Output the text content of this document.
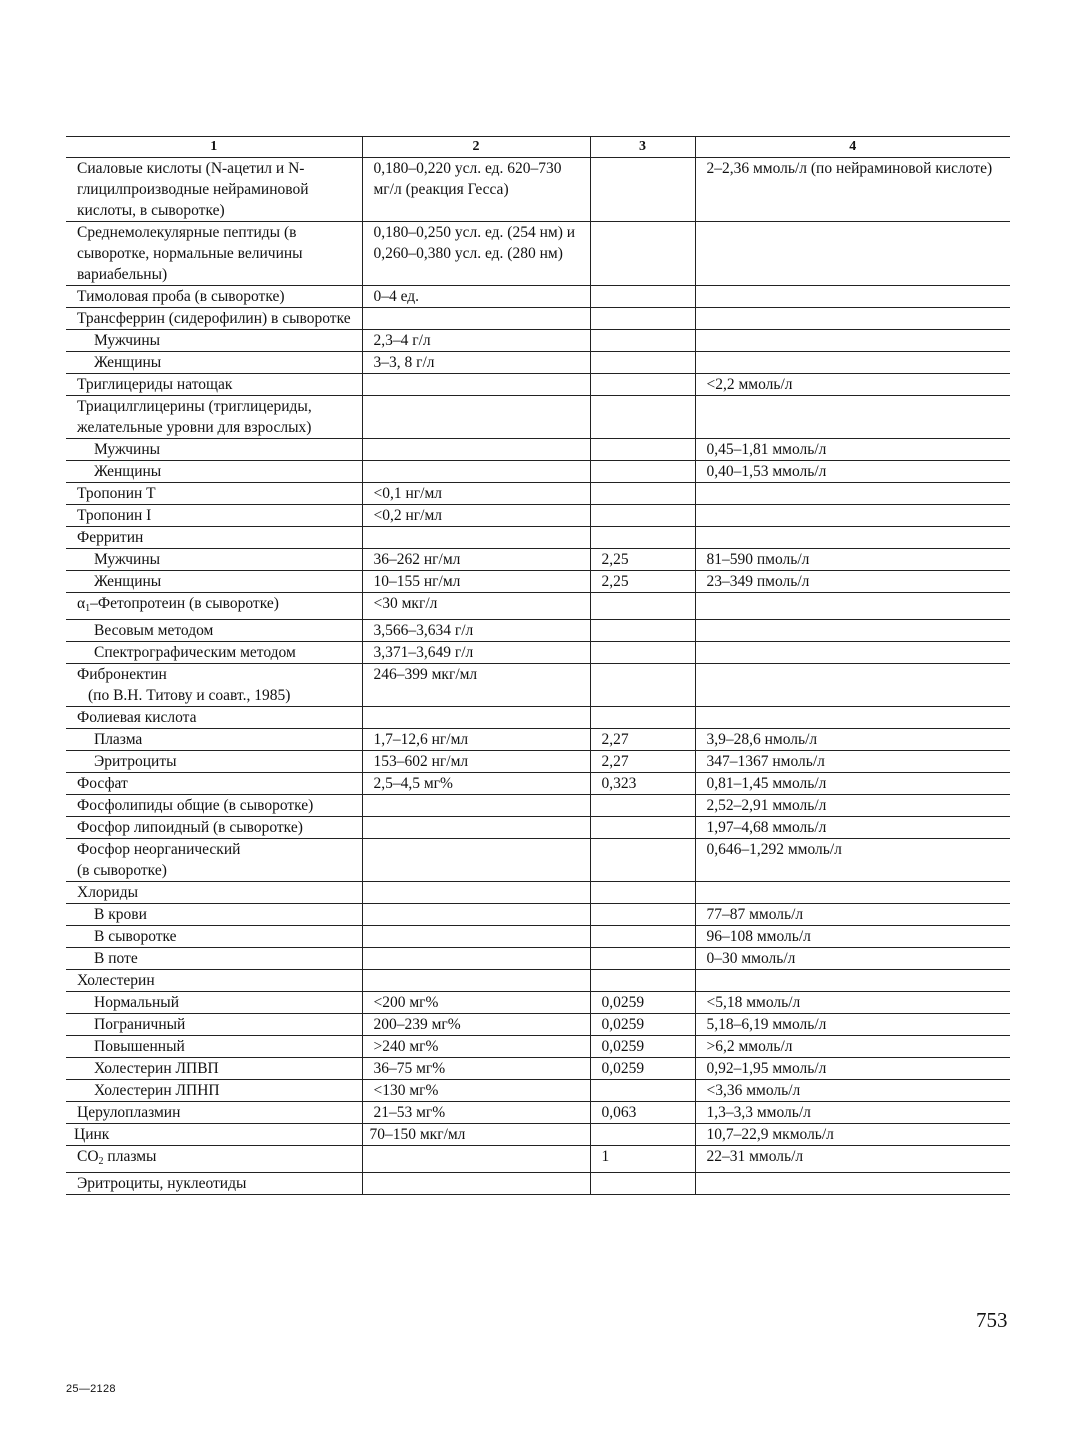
1	2	3	4
Сиаловые кислоты (N-ацетил и N-глицилпроизводные нейраминовой кислоты, в сыворотке)	0,180–0,220 усл. ед. 620–730 мг/л (реакция Гесса)		2–2,36 ммоль/л (по нейраминовой кислоте)
Среднемолекулярные пептиды (в сыворотке, нормальные величины вариабельны)	0,180–0,250 усл. ед. (254 нм) и 0,260–0,380 усл. ед. (280 нм)		
Тимоловая проба (в сыворотке)	0–4 ед.		
Трансферрин (сидерофилин) в сыворотке			
Мужчины	2,3–4 г/л		
Женщины	3–3, 8 г/л		
Триглицериды натощак			<2,2 ммоль/л
Триацилглицерины (триглицериды, желательные уровни для взрослых)			
Мужчины			0,45–1,81 ммоль/л
Женщины			0,40–1,53 ммоль/л
Тропонин T	<0,1 нг/мл		
Тропонин I	<0,2 нг/мл		
Ферритин			
Мужчины	36–262 нг/мл	2,25	81–590 пмоль/л
Женщины	10–155 нг/мл	2,25	23–349 пмоль/л
$\alpha_1$–Фетопротеин (в сыворотке)	<30 мкг/л		
Весовым методом	3,566–3,634 г/л		
Спектрографическим методом	3,371–3,649 г/л		

Фибронектин
(по В.Н. Титову и соавт., 1985)	246–399 мкг/мл		
Фолиевая кислота			
Плазма	1,7–12,6 нг/мл	2,27	3,9–28,6 нмоль/л
Эритроциты	153–602 нг/мл	2,27	347–1367 нмоль/л
Фосфат	2,5–4,5 мг%	0,323	0,81–1,45 ммоль/л
Фосфолипиды общие (в сыворотке)			2,52–2,91 ммоль/л
Фосфор липоидный (в сыворотке)			1,97–4,68 ммоль/л

Фосфор неорганический
(в сыворотке)			0,646–1,292 ммоль/л
Хлориды			
В крови			77–87 ммоль/л
В сыворотке			96–108 ммоль/л
В поте			0–30 ммоль/л
Холестерин			
Нормальный	<200 мг%	0,0259	<5,18 ммоль/л
Пограничный	200–239 мг%	0,0259	5,18–6,19 ммоль/л
Повышенный	>240 мг%	0,0259	>6,2 ммоль/л
Холестерин ЛПВП	36–75 мг%	0,0259	0,92–1,95 ммоль/л
Холестерин ЛПНП	<130 мг%		<3,36 ммоль/л
Церулоплазмин	21–53 мг%	0,063	1,3–3,3 ммоль/л
Цинк	70–150 мкг/мл		10,7–22,9 мкмоль/л
$CO_2$ плазмы		1	22–31 ммоль/л
Эритроциты, нуклеотиды			
753
25—2128
